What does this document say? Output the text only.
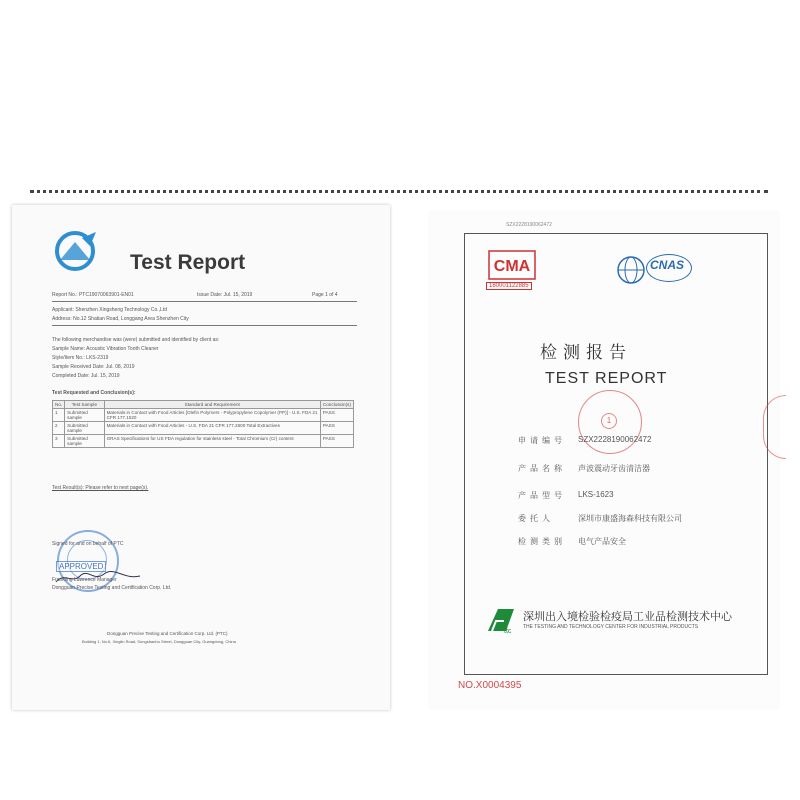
Test Report
Report No.: PTC19070063901-EN01	Issue Date: Jul. 15, 2019	Page 1 of 4
Applicant: Shenzhen Xingsheng Technology Co.,Ltd
Address: No.12 Shatian Road, Longgang Area Shenzhen City
The following merchandise was (were) submitted and identified by client as:
Sample Name: Acoustic Vibration Tooth Cleaner
Style/Item No.: LKS-2319
Sample Received Date: Jul. 08, 2019
Completed Date: Jul. 15, 2019
Test Requested and Conclusion(s):
No.	Test Sample	Standard and Requirement	Conclusion(s)
1	Submitted sample	Materials in Contact with Food Articles [Olefin Polymers - Polypropylene Copolymer (PP)] - U.S. FDA 21 CFR 177.1520	PASS
2	Submitted sample	Materials in Contact with Food Articles - U.S. FDA 21 CFR 177.2600 Total Extractives	PASS
3	Submitted sample	GRAS Specifications for US FDA regulation for stainless steel - Total Chromium (Cr) content	PASS
Test Result(s): Please refer to next page(s).
Signed for and on behalf of PTC
APPROVED
Frankling Lawrence Manager
Dongguan Precise Testing and Certification Corp. Ltd.
Dongguan Precise Testing and Certification Corp. Ltd. (PTC)
Building 1, No.6, Xinglin Road, Songshanhu Street, Dongguan City, Guangdong, China
SZX2228190062472
CMA
180001122885
CNAS
检测报告
TEST REPORT
1
申请编号 SZX2228190062472
产品名称 声波震动牙齿清洁器
产品型号 LKS-1623
委托人	深圳市康盛海森科技有限公司
检测类别 电气产品安全
ttc
深圳出入境检验检疫局工业品检测技术中心
THE TESTING AND TECHNOLOGY CENTER FOR INDUSTRIAL PRODUCTS
NO.X0004395
